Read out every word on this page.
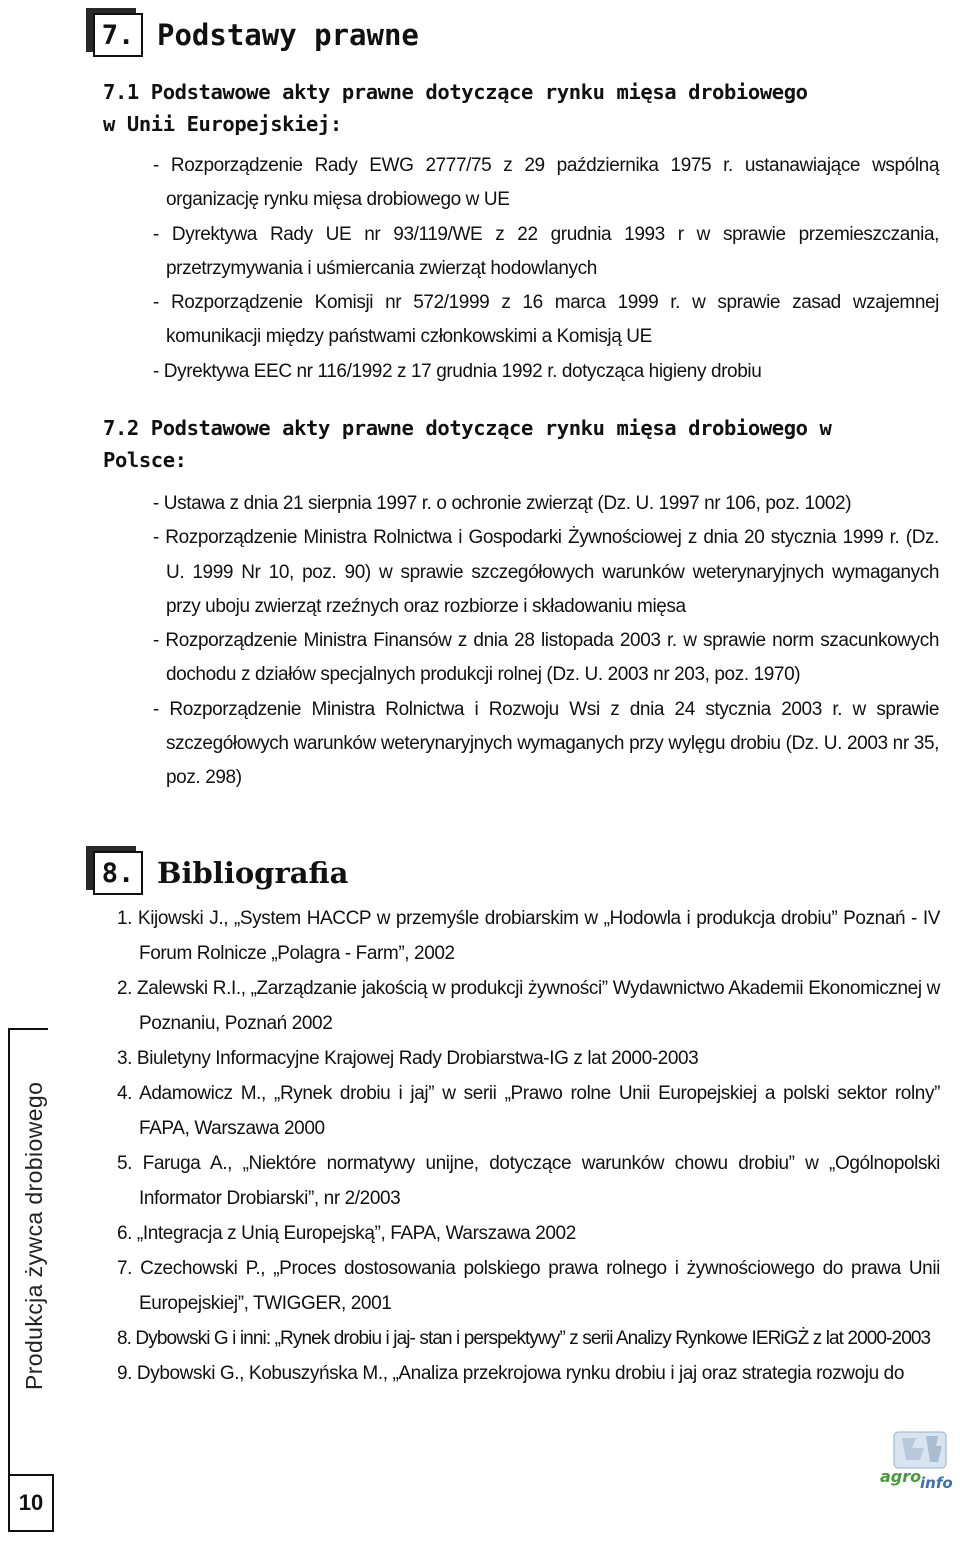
7. Podstawy prawne
7.1 Podstawowe akty prawne dotyczące rynku mięsa drobiowego
w Unii Europejskiej:
- Rozporządzenie Rady EWG 2777/75 z 29 października 1975 r. ustanawiające wspólną organizację rynku mięsa drobiowego w UE
- Dyrektywa Rady UE nr 93/119/WE z 22 grudnia 1993 r w sprawie przemieszczania, przetrzymywania i uśmiercania zwierząt hodowlanych
- Rozporządzenie Komisji nr 572/1999 z 16 marca 1999 r. w sprawie zasad wzajemnej komunikacji między państwami członkowskimi a Komisją UE
- Dyrektywa EEC nr 116/1992 z 17 grudnia 1992 r. dotycząca higieny drobiu
7.2 Podstawowe akty prawne dotyczące rynku mięsa drobiowego w
Polsce:
- Ustawa z dnia 21 sierpnia 1997 r. o ochronie zwierząt (Dz. U. 1997 nr 106, poz. 1002)
- Rozporządzenie Ministra Rolnictwa i Gospodarki Żywnościowej z dnia 20 stycznia 1999 r. (Dz. U. 1999 Nr 10, poz. 90) w sprawie szczegółowych warunków weterynaryjnych wymaganych przy uboju zwierząt rzeźnych oraz rozbiorze i składowaniu mięsa
- Rozporządzenie Ministra Finansów z dnia 28 listopada 2003 r. w sprawie norm szacunkowych dochodu z działów specjalnych produkcji rolnej (Dz. U. 2003 nr 203, poz. 1970)
- Rozporządzenie Ministra Rolnictwa i Rozwoju Wsi z dnia 24 stycznia 2003 r. w sprawie szczegółowych warunków weterynaryjnych wymaganych przy wylęgu drobiu (Dz. U. 2003 nr 35, poz. 298)
8. Bibliografia
1. Kijowski J., „System HACCP w przemyśle drobiarskim w „Hodowla i produkcja drobiu” Poznań - IV Forum Rolnicze „Polagra - Farm”, 2002
2. Zalewski R.I., „Zarządzanie jakością w produkcji żywności” Wydawnictwo Akademii Ekonomicznej w Poznaniu, Poznań 2002
3. Biuletyny Informacyjne Krajowej Rady Drobiarstwa-IG z lat 2000-2003
4. Adamowicz M., „Rynek drobiu i jaj” w serii „Prawo rolne Unii Europejskiej a polski sektor rolny” FAPA, Warszawa 2000
5. Faruga A., „Niektóre normatywy unijne, dotyczące warunków chowu drobiu” w „Ogólnopolski Informator Drobiarski”, nr 2/2003
6. „Integracja z Unią Europejską”, FAPA, Warszawa 2002
7. Czechowski P., „Proces dostosowania polskiego prawa rolnego i żywnościowego do prawa Unii Europejskiej”, TWIGGER, 2001
8. Dybowski G i inni: „Rynek drobiu i jaj- stan i perspektywy” z serii Analizy Rynkowe IERiGŻ z lat 2000-2003
9. Dybowski G., Kobuszyńska M., „Analiza przekrojowa rynku drobiu i jaj oraz strategia rozwoju do
Produkcja żywca drobiowego
10
agro
info
